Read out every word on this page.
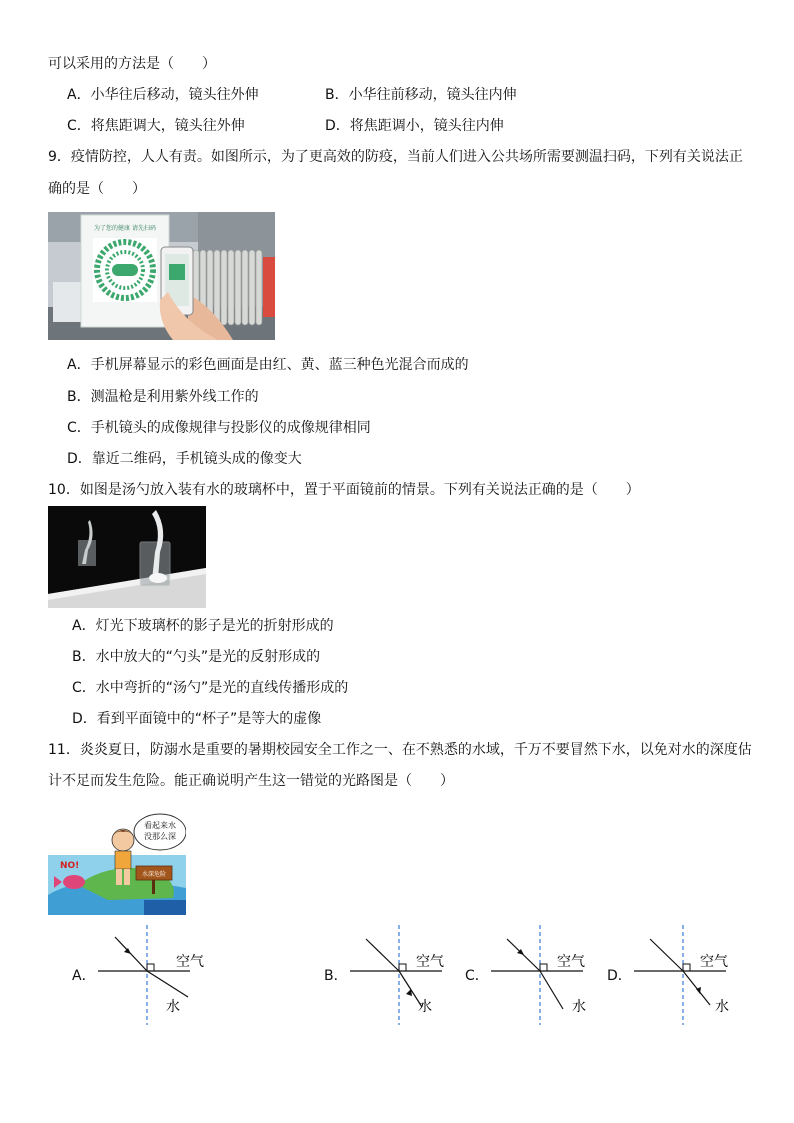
可以采用的方法是（　　）
A．小华往后移动，镜头往外伸	B．小华往前移动，镜头往内伸
C．将焦距调大，镜头往外伸	D．将焦距调小，镜头往内伸
9．疫情防控，人人有责。如图所示，为了更高效的防疫，当前人们进入公共场所需要测温扫码，下列有关说法正
确的是（　　）
为了您的健康 请先扫码
A．手机屏幕显示的彩色画面是由红、黄、蓝三种色光混合而成的
B．测温枪是利用紫外线工作的
C．手机镜头的成像规律与投影仪的成像规律相同
D．靠近二维码，手机镜头成的像变大
10．如图是汤勺放入装有水的玻璃杯中，置于平面镜前的情景。下列有关说法正确的是（　　）
A．灯光下玻璃杯的影子是光的折射形成的
B．水中放大的“勺头”是光的反射形成的
C．水中弯折的“汤勺”是光的直线传播形成的
D．看到平面镜中的“杯子”是等大的虚像
11．炎炎夏日，防溺水是重要的暑期校园安全工作之一、在不熟悉的水域，千万不要冒然下水，以免对水的深度估
计不足而发生危险。能正确说明产生这一错觉的光路图是（　　）
看起来水
没那么深
水深危险
NO!
A．
空气
水
B．
空气
水
C．
空气
水
D．
空气
水
